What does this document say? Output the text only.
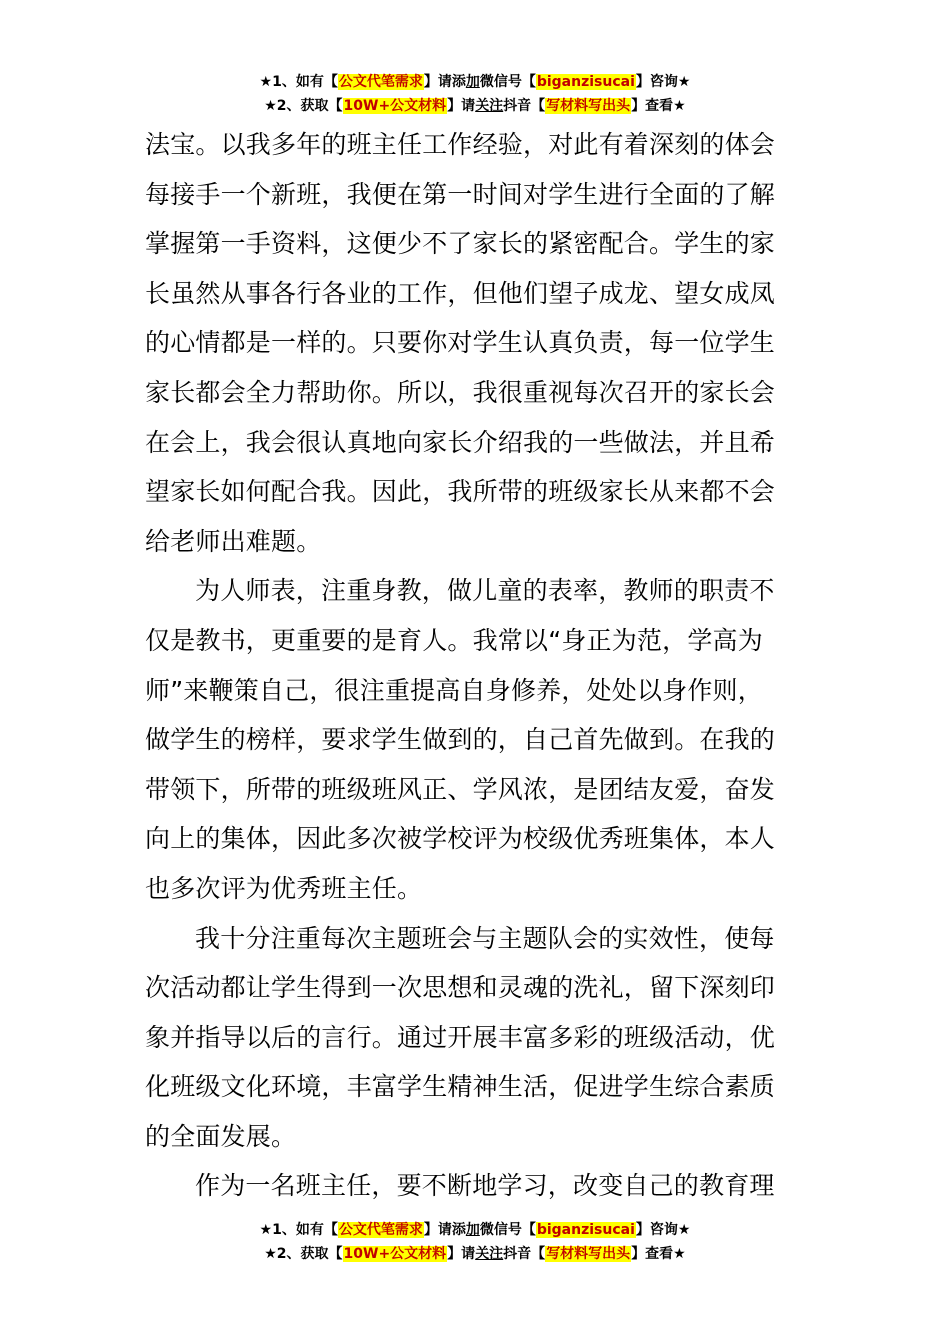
★1、如有【公文代笔需求】请添加微信号【biganzisucai】咨询★
★2、获取【10W+公文材料】请关注抖音【写材料写出头】查看★
法宝。以我多年的班主任工作经验，对此有着深刻的体会
每接手一个新班，我便在第一时间对学生进行全面的了解
掌握第一手资料，这便少不了家长的紧密配合。学生的家
长虽然从事各行各业的工作，但他们望子成龙、望女成凤
的心情都是一样的。只要你对学生认真负责，每一位学生
家长都会全力帮助你。所以，我很重视每次召开的家长会
在会上，我会很认真地向家长介绍我的一些做法，并且希
望家长如何配合我。因此，我所带的班级家长从来都不会
给老师出难题。
为人师表，注重身教，做儿童的表率，教师的职责不
仅是教书，更重要的是育人。我常以“身正为范，学高为
师”来鞭策自己，很注重提高自身修养，处处以身作则，
做学生的榜样，要求学生做到的，自己首先做到。在我的
带领下，所带的班级班风正、学风浓，是团结友爱，奋发
向上的集体，因此多次被学校评为校级优秀班集体，本人
也多次评为优秀班主任。
我十分注重每次主题班会与主题队会的实效性，使每
次活动都让学生得到一次思想和灵魂的洗礼，留下深刻印
象并指导以后的言行。通过开展丰富多彩的班级活动，优
化班级文化环境，丰富学生精神生活，促进学生综合素质
的全面发展。
作为一名班主任，要不断地学习，改变自己的教育理
★1、如有【公文代笔需求】请添加微信号【biganzisucai】咨询★
★2、获取【10W+公文材料】请关注抖音【写材料写出头】查看★
